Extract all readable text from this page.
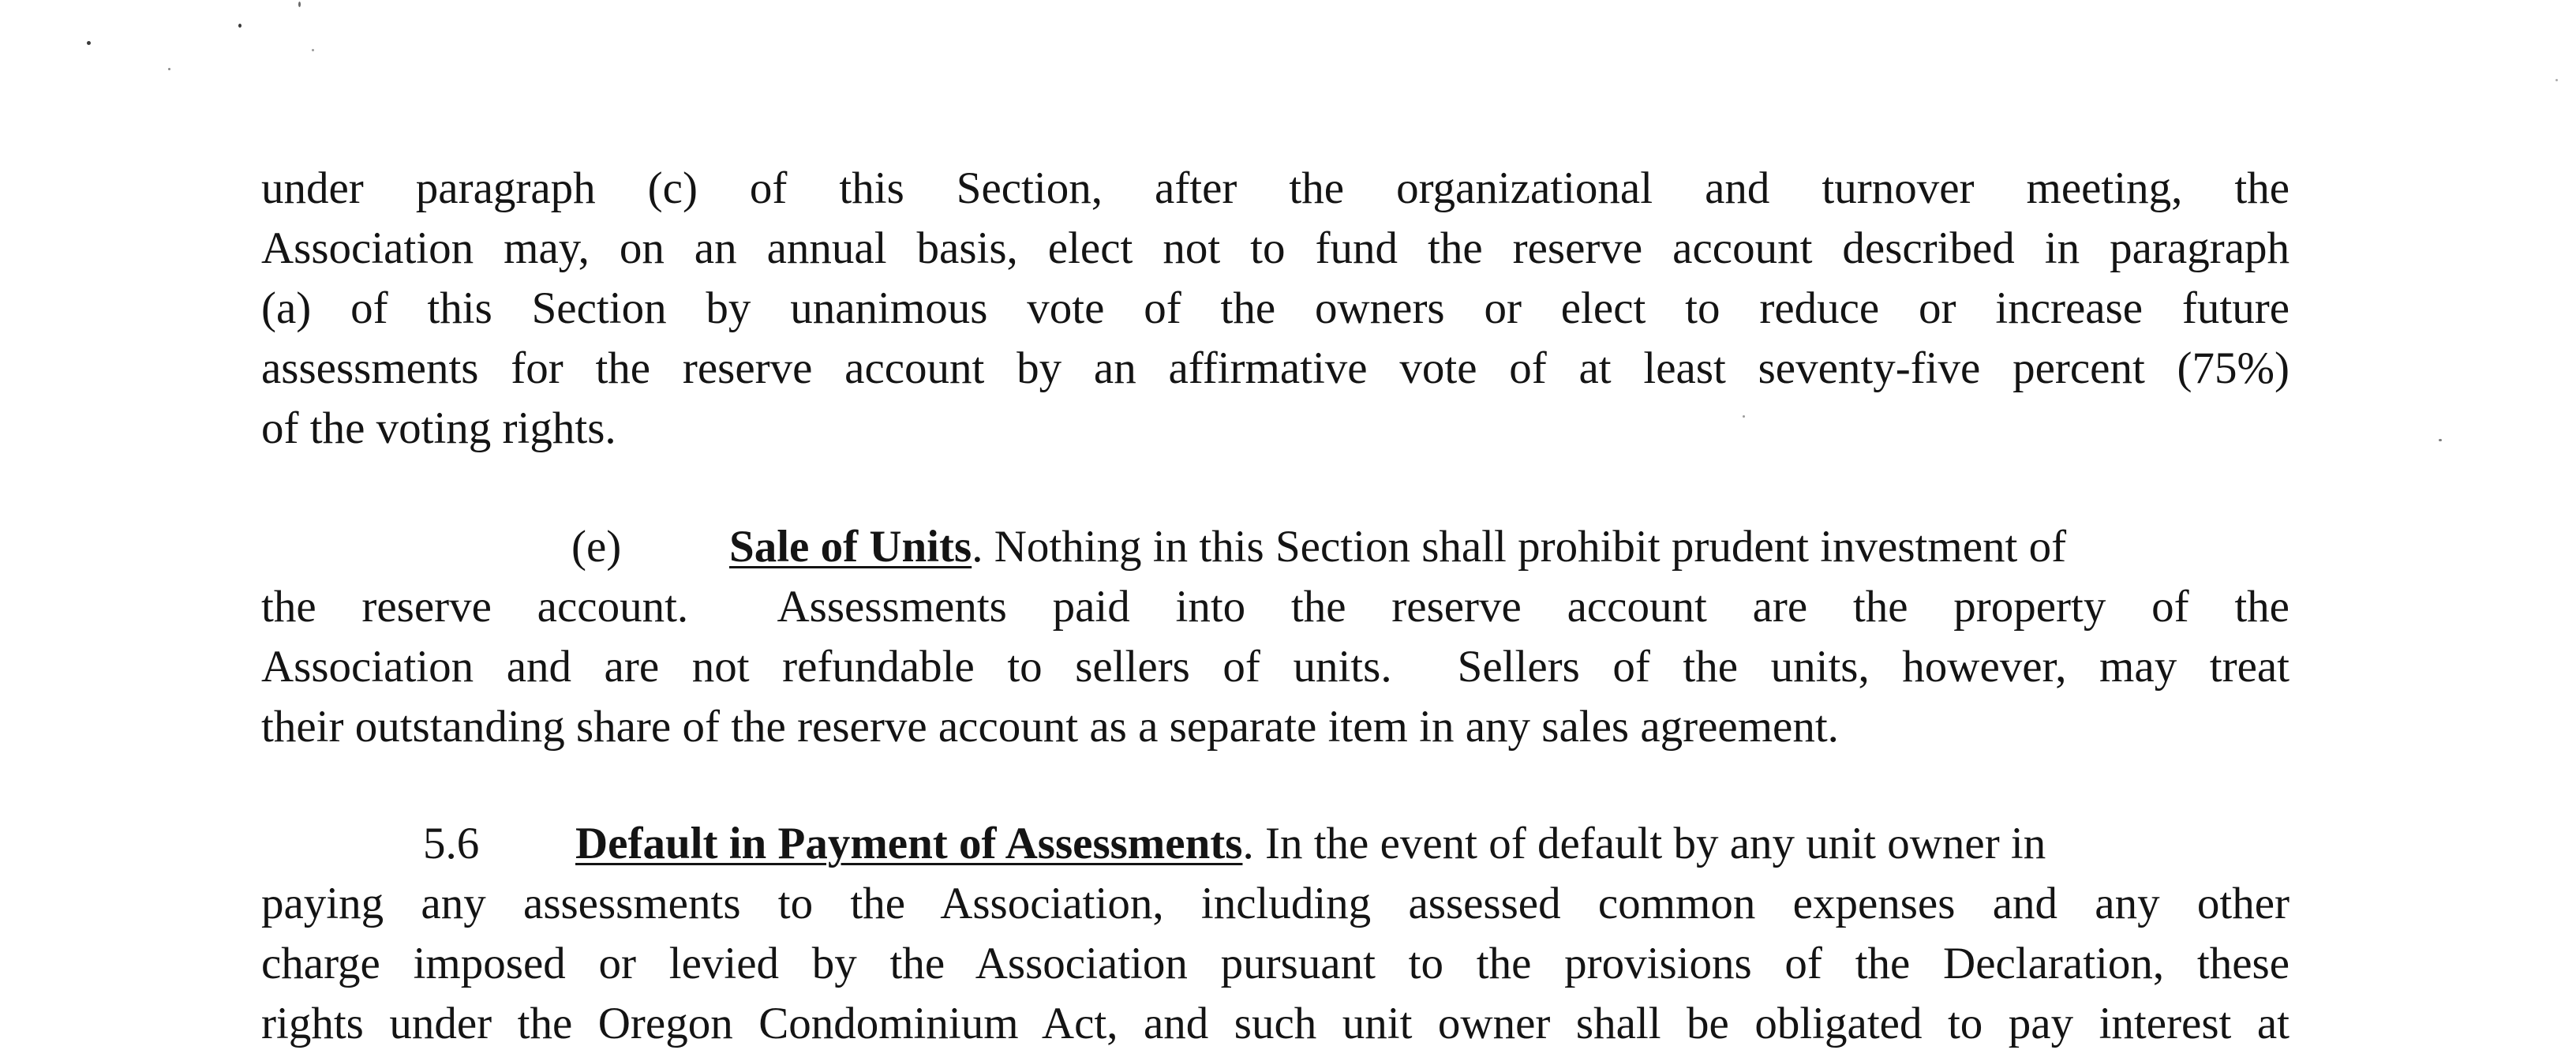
under paragraph (c) of this Section, after the organizational and turnover meeting, the
Association may, on an annual basis, elect not to fund the reserve account described in paragraph
(a) of this Section by unanimous vote of the owners or elect to reduce or increase future
assessments for the reserve account by an affirmative vote of at least seventy-five percent (75%)
of the voting rights.
(e) Sale of Units. Nothing in this Section shall prohibit prudent investment of
the reserve account.  Assessments paid into the reserve account are the property of the
Association and are not refundable to sellers of units.  Sellers of the units, however, may treat
their outstanding share of the reserve account as a separate item in any sales agreement.
5.6 Default in Payment of Assessments. In the event of default by any unit owner in
paying any assessments to the Association, including assessed common expenses and any other
charge imposed or levied by the Association pursuant to the provisions of the Declaration, these
rights under the Oregon Condominium Act, and such unit owner shall be obligated to pay interest at
